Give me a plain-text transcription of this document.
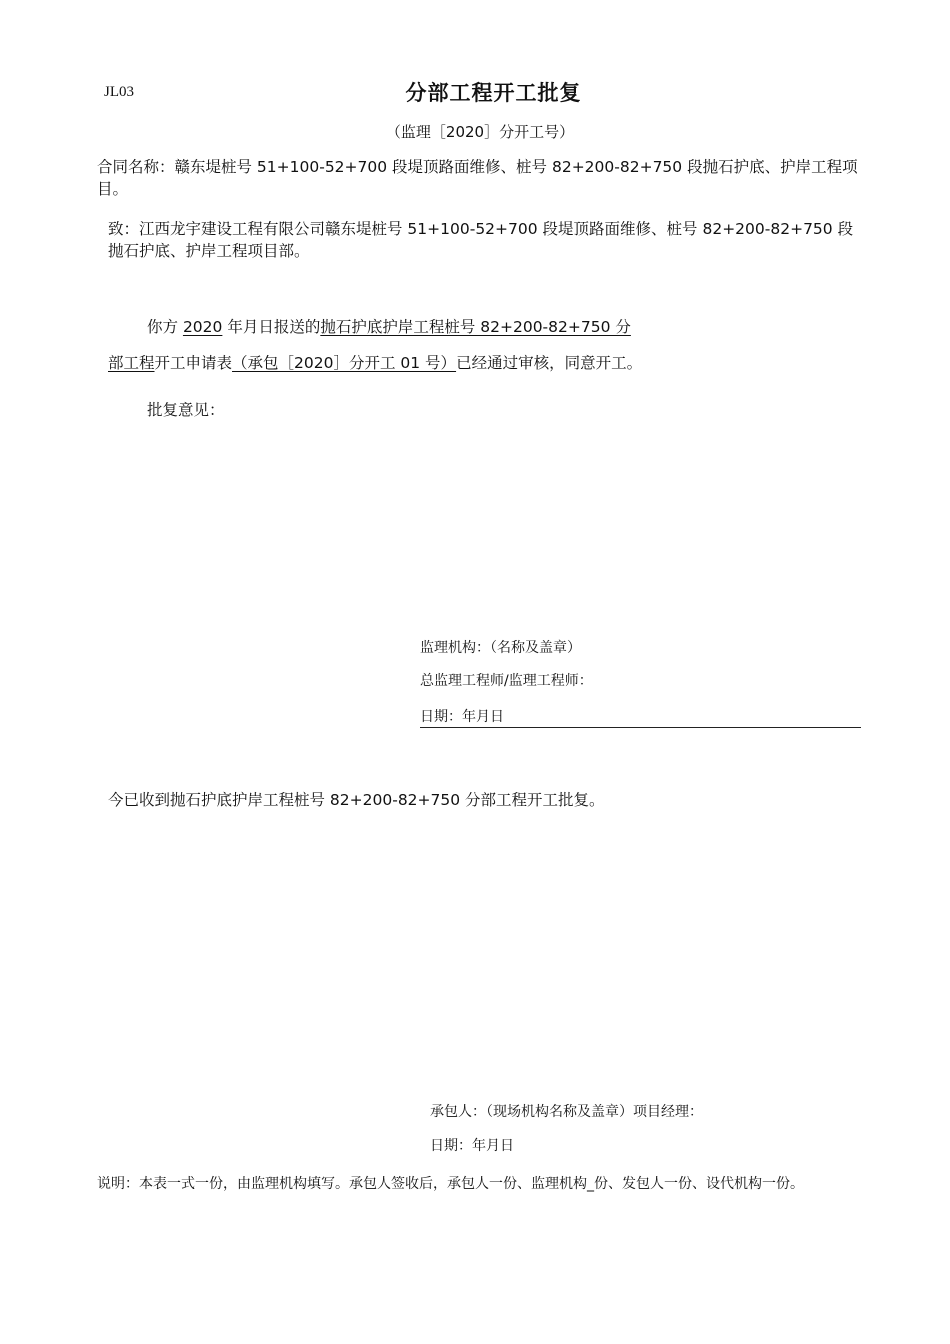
JL03	分部工程开工批复
（监理［2020］分开工号）
合同名称：赣东堤桩号 51+100-52+700 段堤顶路面维修、桩号 82+200-82+750 段抛石护底、护岸工程项目。
致：江西龙宇建设工程有限公司赣东堤桩号 51+100-52+700 段堤顶路面维修、桩号 82+200-82+750 段抛石护底、护岸工程项目部。
你方 2020 年月日报送的抛石护底护岸工程桩号 82+200-82+750 分
部工程开工申请表（承包［2020］分开工 01 号）已经通过审核，同意开工。
批复意见：
监理机构：（名称及盖章）
总监理工程师/监理工程师：
日期：年月日
今已收到抛石护底护岸工程桩号 82+200-82+750 分部工程开工批复。
承包人：（现场机构名称及盖章）项目经理：
日期：年月日
说明：本表一式一份，由监理机构填写。承包人签收后，承包人一份、监理机构_份、发包人一份、设代机构一份。
